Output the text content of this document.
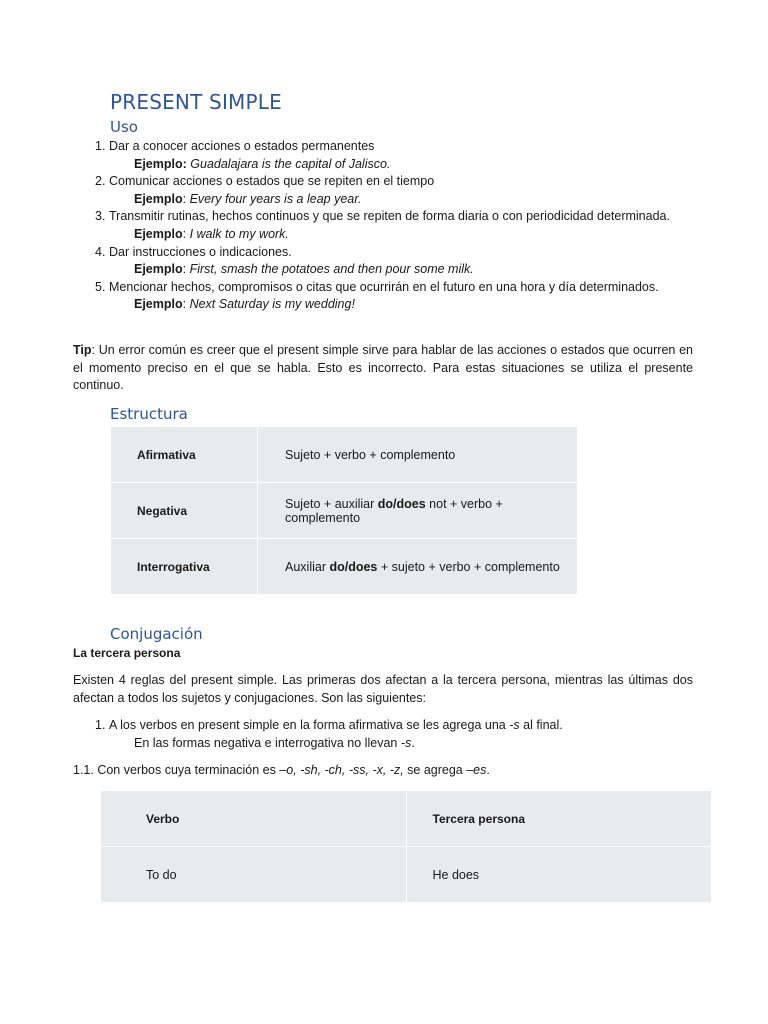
PRESENT SIMPLE
Uso
1. Dar a conocer acciones o estados permanentes
Ejemplo: Guadalajara is the capital of Jalisco.
2. Comunicar acciones o estados que se repiten en el tiempo
Ejemplo: Every four years is a leap year.
3. Transmitir rutinas, hechos continuos y que se repiten de forma diaria o con periodicidad determinada.
Ejemplo: I walk to my work.
4. Dar instrucciones o indicaciones.
Ejemplo: First, smash the potatoes and then pour some milk.
5. Mencionar hechos, compromisos o citas que ocurrirán en el futuro en una hora y día determinados.
Ejemplo: Next Saturday is my wedding!
Tip: Un error común es creer que el present simple sirve para hablar de las acciones o estados que ocurren en el momento preciso en el que se habla. Esto es incorrecto. Para estas situaciones se utiliza el presente continuo.
Estructura
Afirmativa	Sujeto + verbo + complemento
Negativa	Sujeto + auxiliar do/does not + verbo + complemento
Interrogativa	Auxiliar do/does + sujeto + verbo + complemento
Conjugación
La tercera persona
Existen 4 reglas del present simple. Las primeras dos afectan a la tercera persona, mientras las últimas dos afectan a todos los sujetos y conjugaciones. Son las siguientes:
1. A los verbos en present simple en la forma afirmativa se les agrega una -s al final.
En las formas negativa e interrogativa no llevan -s.
1.1. Con verbos cuya terminación es –o, -sh, -ch, -ss, -x, -z, se agrega –es.
Verbo	Tercera persona
To do	He does
